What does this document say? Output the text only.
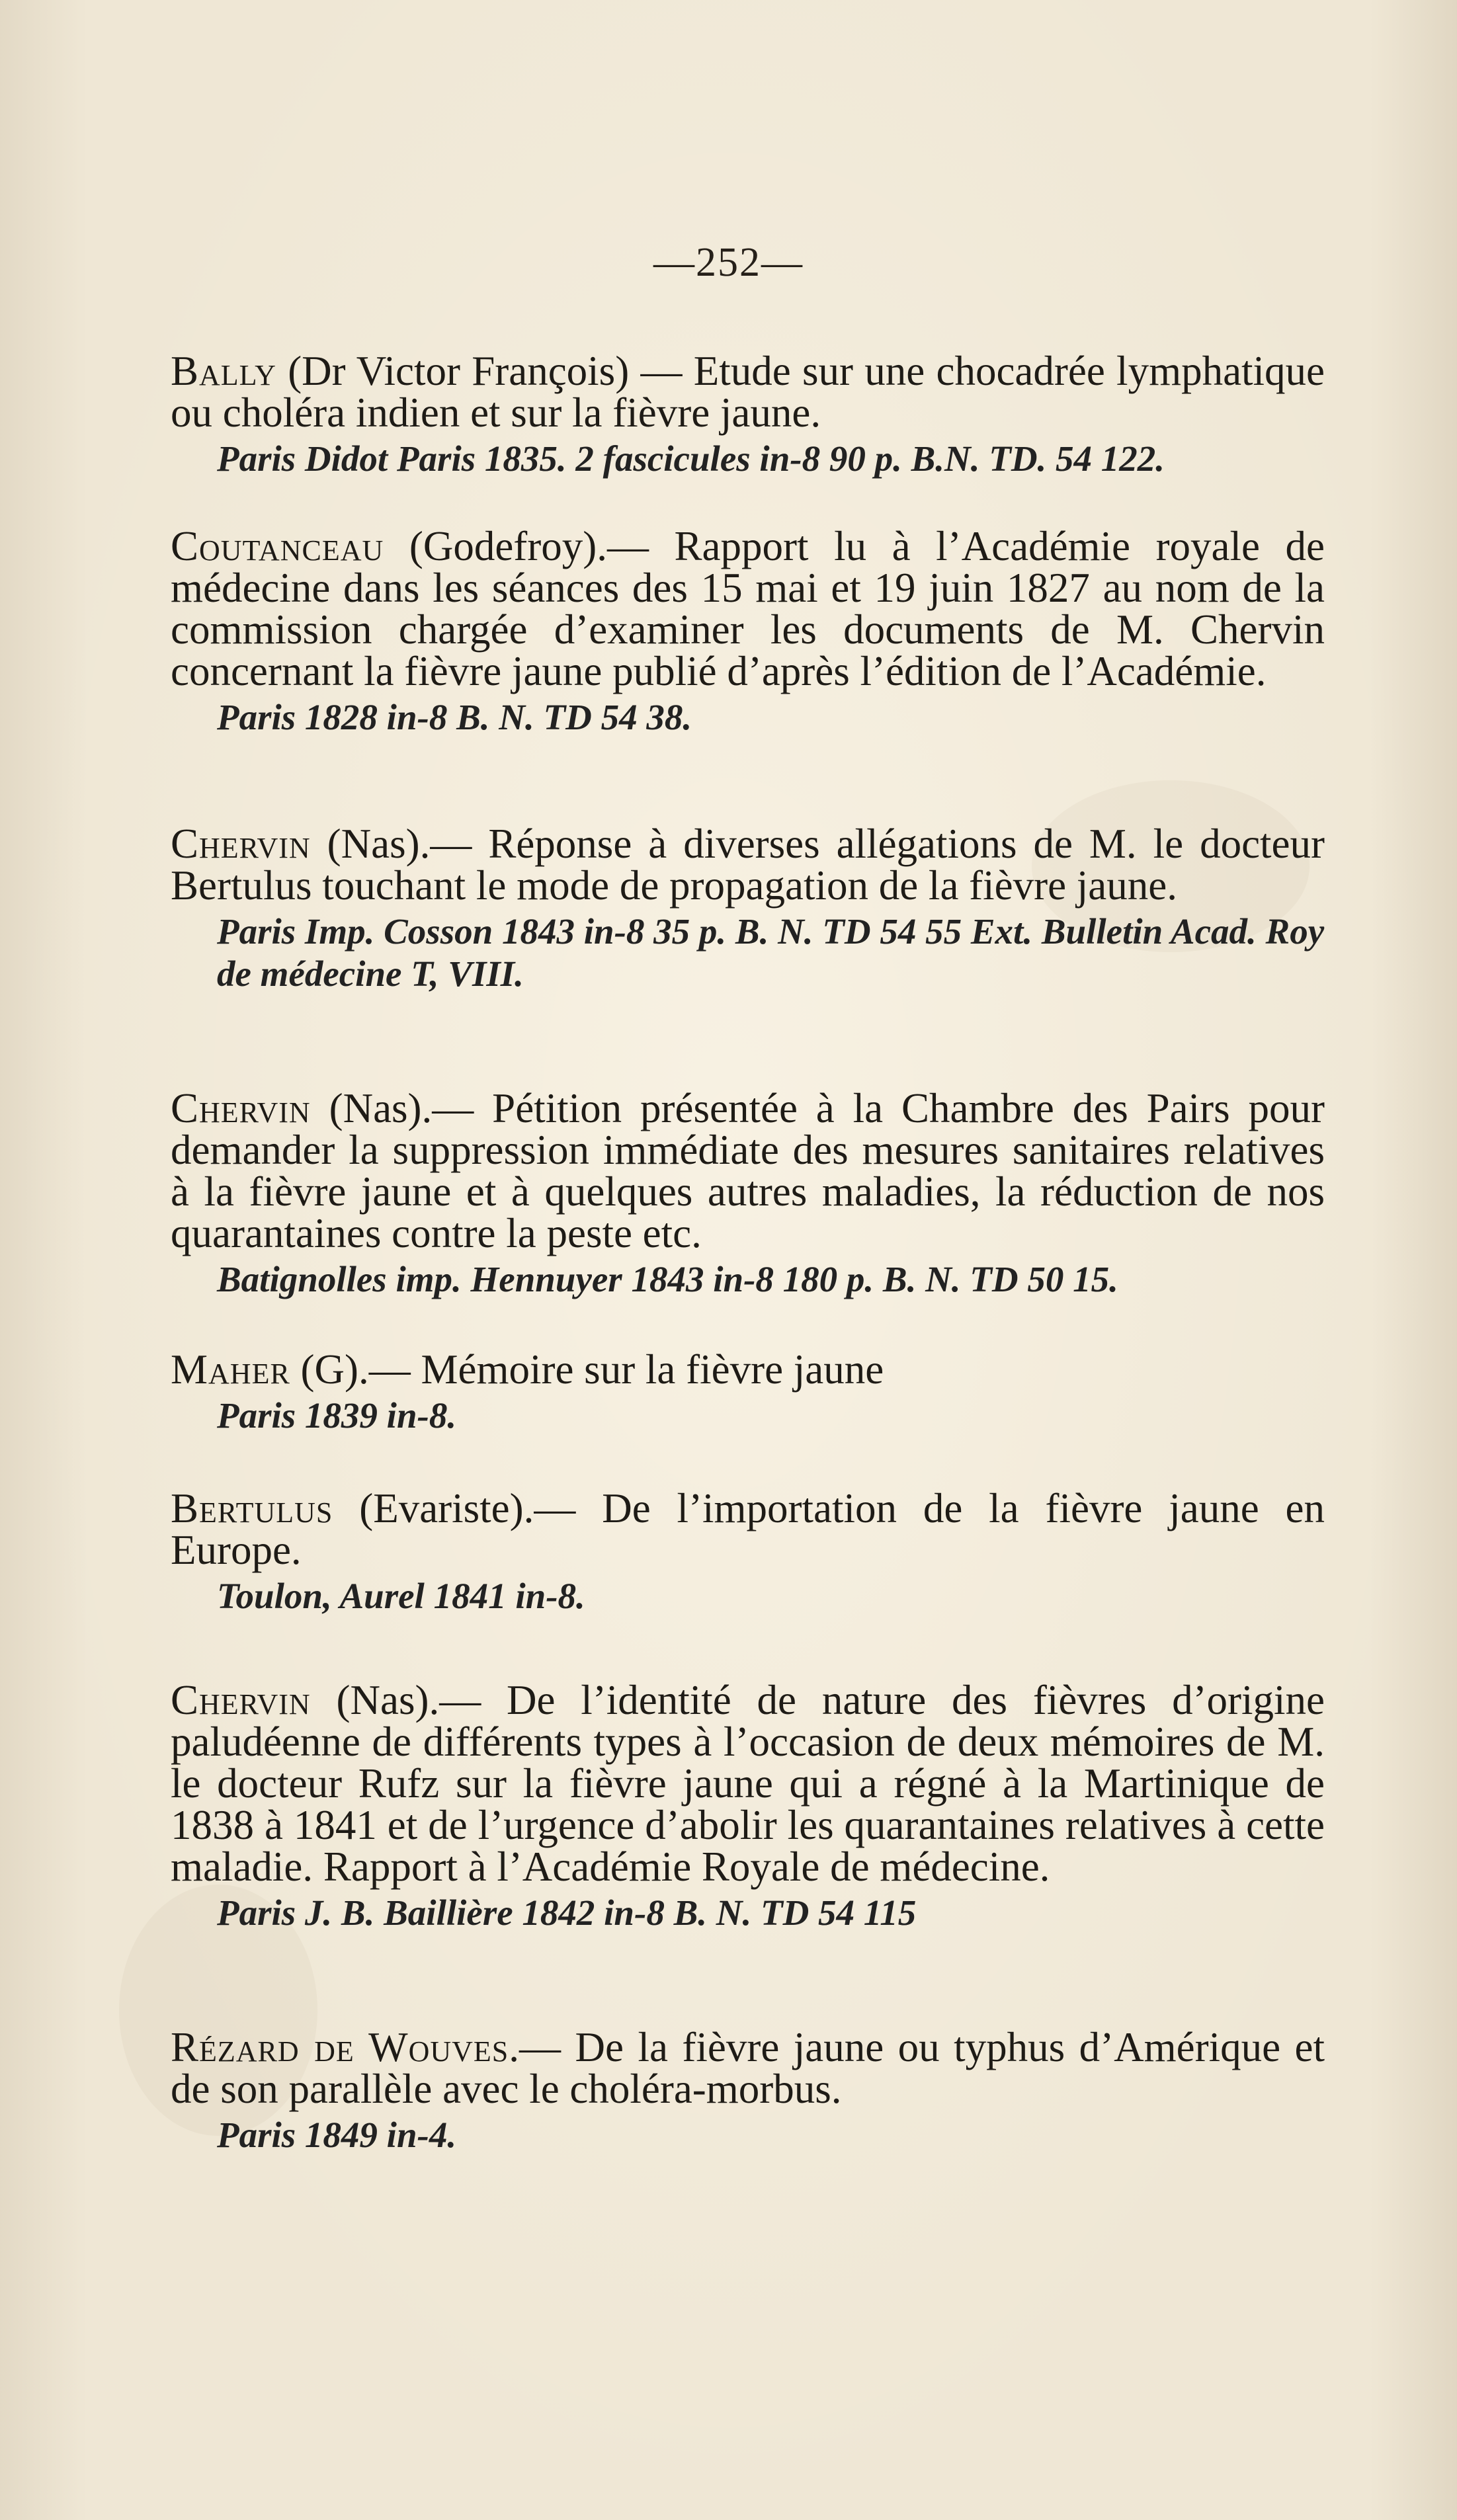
—252—

Bally (Dr Victor François) — Etude sur une chocadrée lymphatique ou choléra indien et sur la fièvre jaune.

Paris Didot Paris 1835. 2 fascicules in-8 90 p. B.N. TD. 54 122.

Coutanceau (Godefroy).— Rapport lu à l’Académie royale de médecine dans les séances des 15 mai et 19 juin 1827 au nom de la commission chargée d’examiner les documents de M. Chervin concernant la fièvre jaune publié d’après l’édition de l’Académie.

Paris 1828 in-8 B. N. TD 54 38.

Chervin (Nas).— Réponse à diverses allégations de M. le docteur Bertulus touchant le mode de propagation de la fièvre jaune.

Paris Imp. Cosson 1843 in-8 35 p. B. N. TD 54 55 Ext. Bulletin Acad. Roy de médecine T, VIII.

Chervin (Nas).— Pétition présentée à la Chambre des Pairs pour demander la suppression immédiate des mesures sanitaires relatives à la fièvre jaune et à quelques autres maladies, la réduction de nos quarantaines contre la peste etc.

Batignolles imp. Hennuyer 1843 in-8 180 p. B. N. TD 50 15.

Maher (G).— Mémoire sur la fièvre jaune

Paris 1839 in-8.

Bertulus (Evariste).— De l’importation de la fièvre jaune en Europe.

Toulon, Aurel 1841 in-8.

Chervin (Nas).— De l’identité de nature des fièvres d’origine paludéenne de différents types à l’occasion de deux mémoires de M. le docteur Rufz sur la fièvre jaune qui a régné à la Martinique de 1838 à 1841 et de l’urgence d’abolir les quarantaines relatives à cette maladie. Rapport à l’Académie Royale de médecine.

Paris J. B. Baillière 1842 in-8 B. N. TD 54 115

Rézard de Wouves.— De la fièvre jaune ou typhus d’Amérique et de son parallèle avec le choléra-morbus.

Paris 1849 in-4.
